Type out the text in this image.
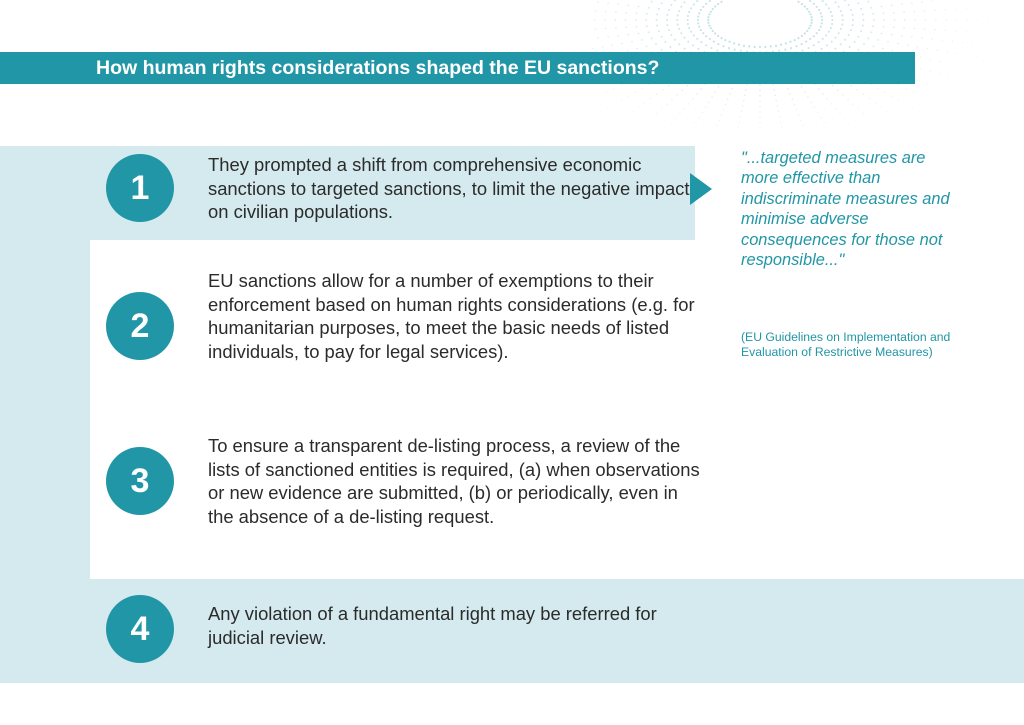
How human rights considerations shaped the EU sanctions?
1
They prompted a shift from comprehensive economic sanctions to targeted sanctions, to limit the negative impact on civilian populations.
2
EU sanctions allow for a number of exemptions to their enforcement based on human rights considerations (e.g. for humanitarian purposes, to meet the basic needs of listed individuals, to pay for legal services).
3
To ensure a transparent de-listing process, a review of the lists of sanctioned entities is required, (a) when observations or new evidence are submitted, (b) or periodically, even in the absence of a de-listing request.
4	Any violation of a fundamental right may be referred for judicial review.
"...targeted measures are more effective than indiscriminate measures and minimise adverse consequences for those not responsible..."
(EU Guidelines on Implementation and Evaluation of Restrictive Measures)
